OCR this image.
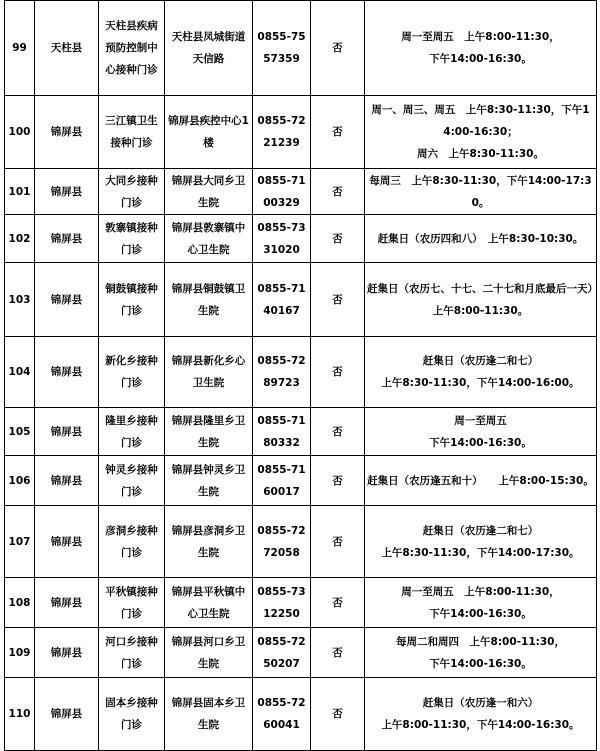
99	天柱县	天柱县疾病预防控制中心接种门诊	天柱县凤城街道天信路	0855-7557359	否	周一至周五　上午8:00-11:30，
下午14:00-16:30。

100	锦屏县	三江镇卫生接种门诊	锦屏县疾控中心1楼	0855-7221239	否	周一、周三、周五　上午8:30-11:30，下午14:00-16:30；
周六　上午8:30-11:30。

101	锦屏县	大同乡接种门诊	锦屏县大同乡卫生院	0855-7100329	否	每周三　上午8:30-11:30，下午14:00-17:30。

102	锦屏县	敦寨镇接种门诊	锦屏县敦寨镇中心卫生院	0855-7331020	否	赶集日（农历四和八）　上午8:30-10:30。

103	锦屏县	铜鼓镇接种门诊	锦屏县铜鼓镇卫生院	0855-7140167	否	赶集日（农历七、十七、二十七和月底最后一天）
上午8:00-11:30。

104	锦屏县	新化乡接种门诊	锦屏县新化乡心卫生院	0855-7289723	否	赶集日（农历逢二和七）
上午8:30-11:30，下午14:00-16:00。

105	锦屏县	隆里乡接种门诊	锦屏县隆里乡卫生院	0855-7180332	否	周一至周五
下午14:00-16:30。

106	锦屏县	钟灵乡接种门诊	锦屏县钟灵乡卫生院	0855-7160017	否	赶集日（农历逢五和十）　　上午8:00-15:30。

107	锦屏县	彦洞乡接种门诊	锦屏县彦洞乡卫生院	0855-7272058	否	赶集日（农历逢二和七）
上午8:30-11:30，下午14:00-17:30。

108	锦屏县	平秋镇接种门诊	锦屏县平秋镇中心卫生院	0855-7312250	否	周一至周五　上午8:00-11:30，
下午14:00-16:30。

109	锦屏县	河口乡接种门诊	锦屏县河口乡卫生院	0855-7250207	否	每周二和周四　上午8:00-11:30，
下午14:00-16:30。

110	锦屏县	固本乡接种门诊	锦屏县固本乡卫生院	0855-7260041	否	赶集日（农历逢一和六）
上午8:00-11:30，下午14:00-16:30。
